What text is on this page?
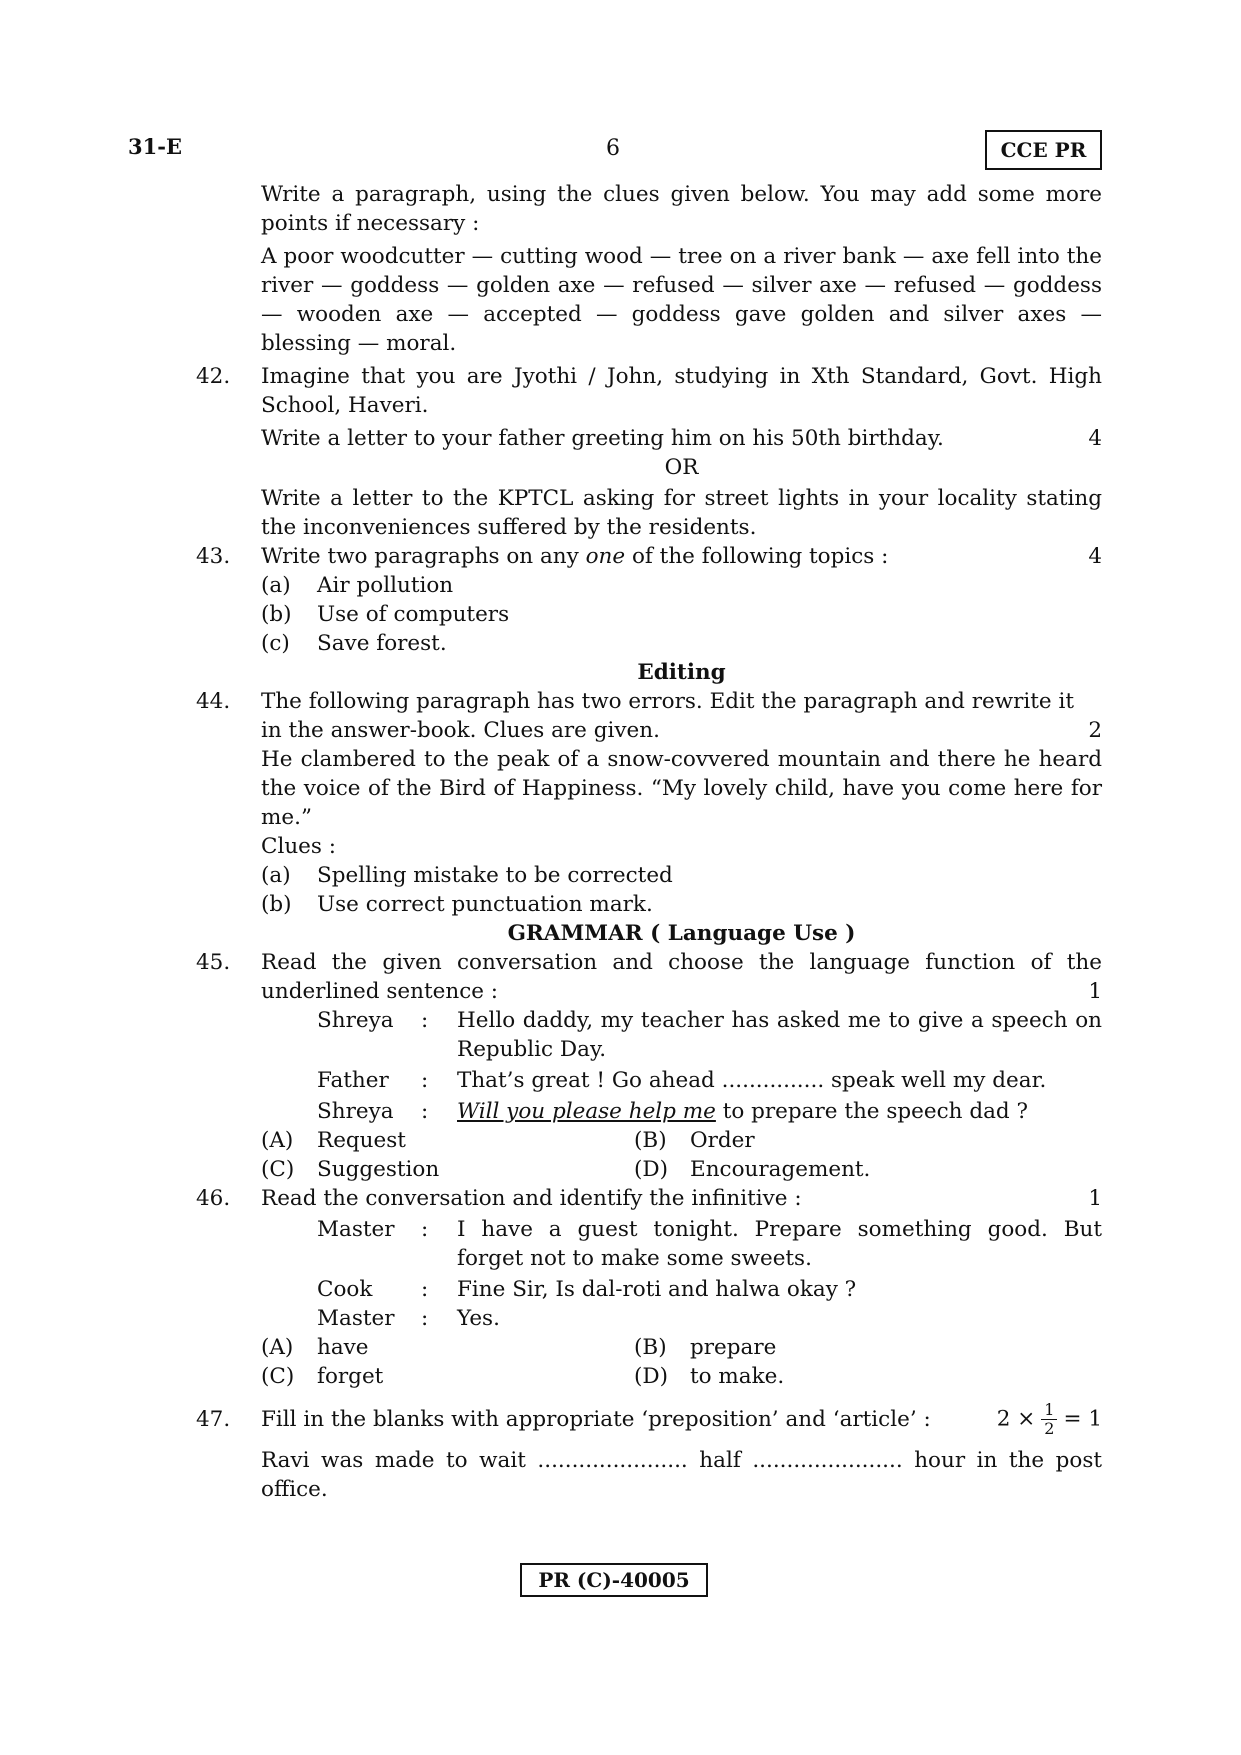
31-E	6	CCE PR
Write a paragraph, using the clues given below. You may add some more points if necessary :
A poor woodcutter — cutting wood — tree on a river bank — axe fell into the river — goddess — golden axe — refused — silver axe — refused — goddess — wooden axe — accepted — goddess gave golden and silver axes — blessing — moral.
42.	Imagine that you are Jyothi / John, studying in Xth Standard, Govt. High School, Haveri.
Write a letter to your father greeting him on his 50th birthday.	4
OR
Write a letter to the KPTCL asking for street lights in your locality stating the inconveniences suffered by the residents.
43.	Write two paragraphs on any one of the following topics :	4
(a)	Air pollution
(b)	Use of computers
(c)	Save forest.
Editing
44.	The following paragraph has two errors. Edit the paragraph and rewrite it
in the answer-book. Clues are given.	2
He clambered to the peak of a snow-covvered mountain and there he heard the voice of the Bird of Happiness. “My lovely child, have you come here for me.”
Clues :
(a)	Spelling mistake to be corrected
(b)	Use correct punctuation mark.
GRAMMAR ( Language Use )
45.	Read the given conversation and choose the language function of the
underlined sentence :	1
Shreya	:	Hello daddy, my teacher has asked me to give a speech on Republic Day.
Father	:	That’s great ! Go ahead ............... speak well my dear.
Shreya	:	Will you please help me to prepare the speech dad ?
(A)	Request	(B)	Order
(C)	Suggestion	(D)	Encouragement.
46.	Read the conversation and identify the infinitive :	1
Master	:	I have a guest tonight. Prepare something good. But forget not to make some sweets.
Cook	:	Fine Sir, Is dal-roti and halwa okay ?
Master	:	Yes.
(A)	have	(B)	prepare
(C)	forget	(D)	to make.
47.	Fill in the blanks with appropriate ‘preposition’ and ‘article’ :	$2 \times \frac{1}{2} = 1$
Ravi was made to wait ...................... half ...................... hour in the post office.
PR (C)-40005
